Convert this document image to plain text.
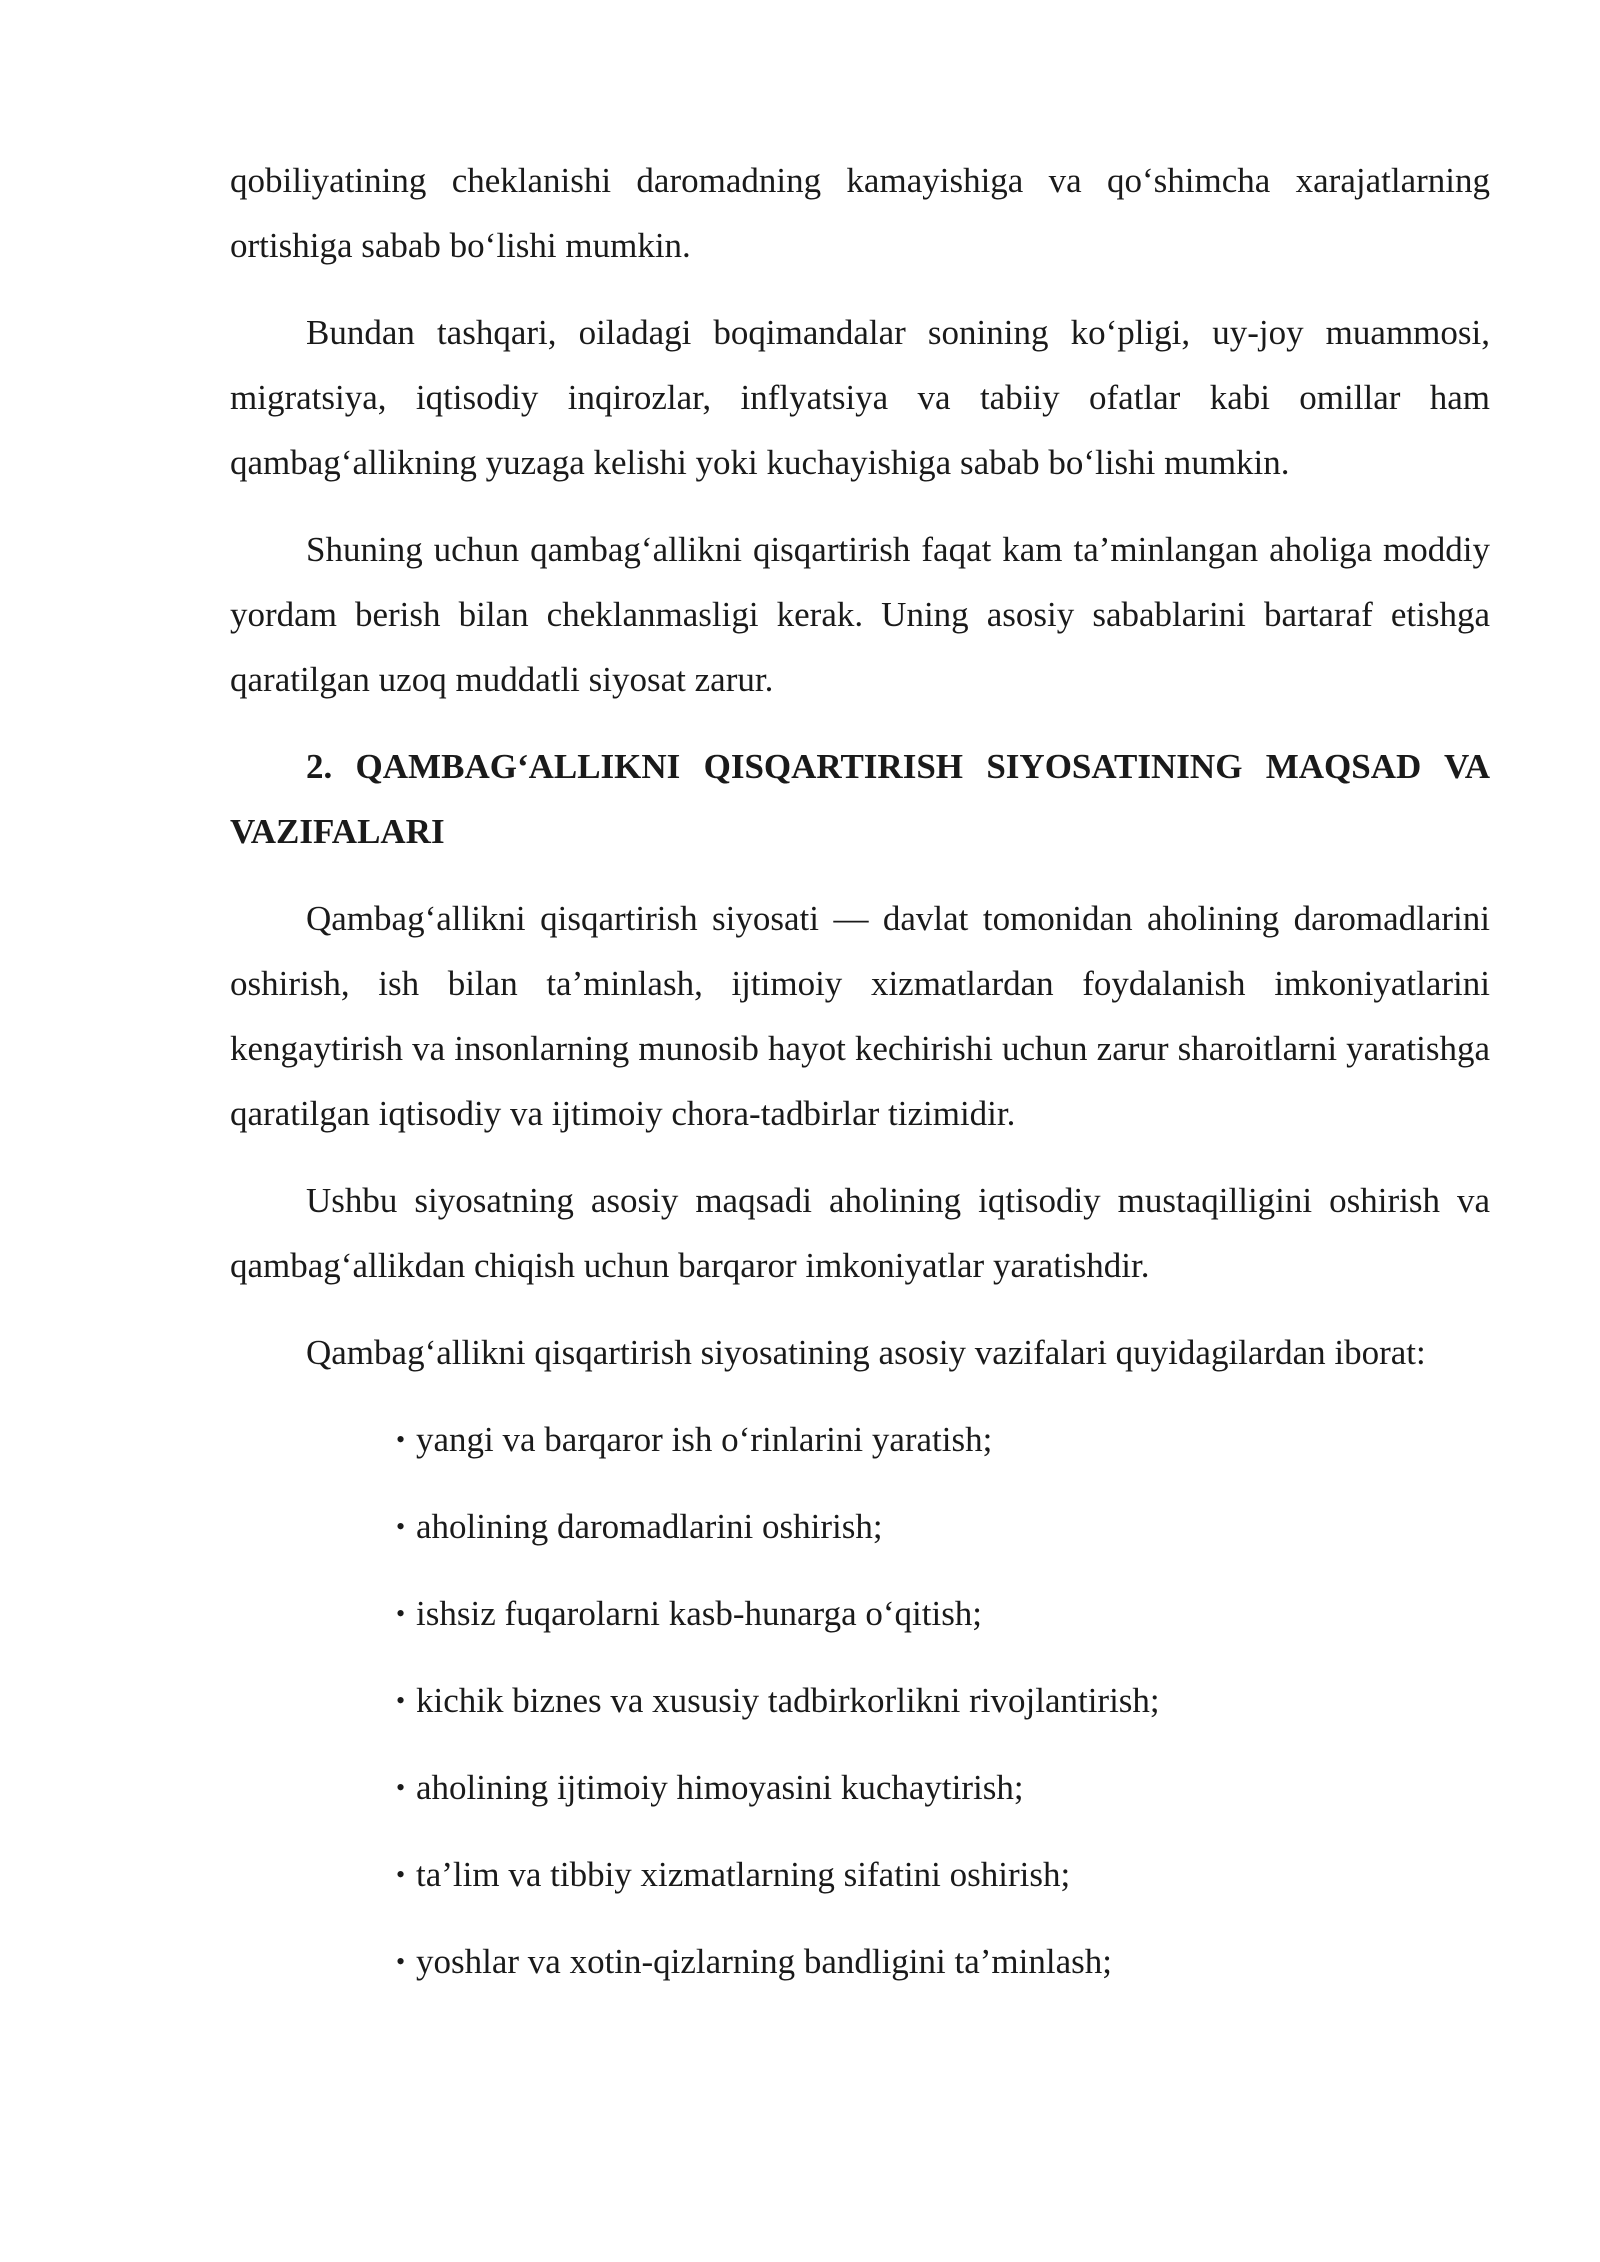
qobiliyatining cheklanishi daromadning kamayishiga va qo‘shimcha xarajatlarning ortishiga sabab bo‘lishi mumkin.

Bundan tashqari, oiladagi boqimandalar sonining ko‘pligi, uy-joy muammosi, migratsiya, iqtisodiy inqirozlar, inflyatsiya va tabiiy ofatlar kabi omillar ham qambag‘allikning yuzaga kelishi yoki kuchayishiga sabab bo‘lishi mumkin.

Shuning uchun qambag‘allikni qisqartirish faqat kam ta’minlangan aholiga moddiy yordam berish bilan cheklanmasligi kerak. Uning asosiy sabablarini bartaraf etishga qaratilgan uzoq muddatli siyosat zarur.

2. QAMBAG‘ALLIKNI QISQARTIRISH SIYOSATINING MAQSAD VA VAZIFALARI

Qambag‘allikni qisqartirish siyosati — davlat tomonidan aholining daromadlarini oshirish, ish bilan ta’minlash, ijtimoiy xizmatlardan foydalanish imkoniyatlarini kengaytirish va insonlarning munosib hayot kechirishi uchun zarur sharoitlarni yaratishga qaratilgan iqtisodiy va ijtimoiy chora-tadbirlar tizimidir.

Ushbu siyosatning asosiy maqsadi aholining iqtisodiy mustaqilligini oshirish va qambag‘allikdan chiqish uchun barqaror imkoniyatlar yaratishdir.

Qambag‘allikni qisqartirish siyosatining asosiy vazifalari quyidagilardan iborat:

• yangi va barqaror ish o‘rinlarini yaratish;
• aholining daromadlarini oshirish;
• ishsiz fuqarolarni kasb-hunarga o‘qitish;
• kichik biznes va xususiy tadbirkorlikni rivojlantirish;
• aholining ijtimoiy himoyasini kuchaytirish;
• ta’lim va tibbiy xizmatlarning sifatini oshirish;
• yoshlar va xotin-qizlarning bandligini ta’minlash;
